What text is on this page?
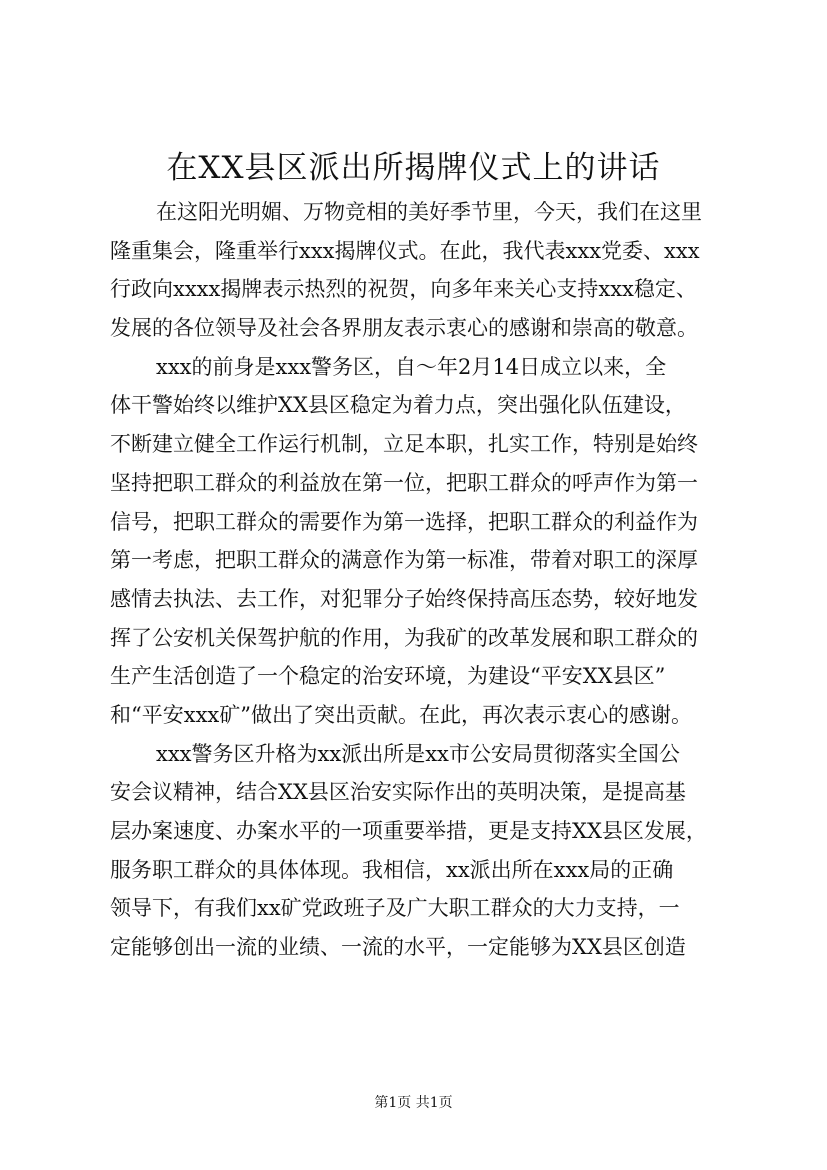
在XX县区派出所揭牌仪式上的讲话
在这阳光明媚、万物竞相的美好季节里，今天，我们在这里
隆重集会，隆重举行xxx揭牌仪式。在此，我代表xxx党委、xxx
行政向xxxx揭牌表示热烈的祝贺，向多年来关心支持xxx稳定、
发展的各位领导及社会各界朋友表示衷心的感谢和崇高的敬意。
xxx的前身是xxx警务区，自～年2月14日成立以来，全
体干警始终以维护XX县区稳定为着力点，突出强化队伍建设，
不断建立健全工作运行机制，立足本职，扎实工作，特别是始终
坚持把职工群众的利益放在第一位，把职工群众的呼声作为第一
信号，把职工群众的需要作为第一选择，把职工群众的利益作为
第一考虑，把职工群众的满意作为第一标准，带着对职工的深厚
感情去执法、去工作，对犯罪分子始终保持高压态势，较好地发
挥了公安机关保驾护航的作用，为我矿的改革发展和职工群众的
生产生活创造了一个稳定的治安环境，为建设“平安XX县区”
和“平安xxx矿”做出了突出贡献。在此，再次表示衷心的感谢。
xxx警务区升格为xx派出所是xx市公安局贯彻落实全国公
安会议精神，结合XX县区治安实际作出的英明决策，是提高基
层办案速度、办案水平的一项重要举措，更是支持XX县区发展，
服务职工群众的具体体现。我相信，xx派出所在xxx局的正确
领导下，有我们xx矿党政班子及广大职工群众的大力支持，一
定能够创出一流的业绩、一流的水平，一定能够为XX县区创造
第1页 共1页
